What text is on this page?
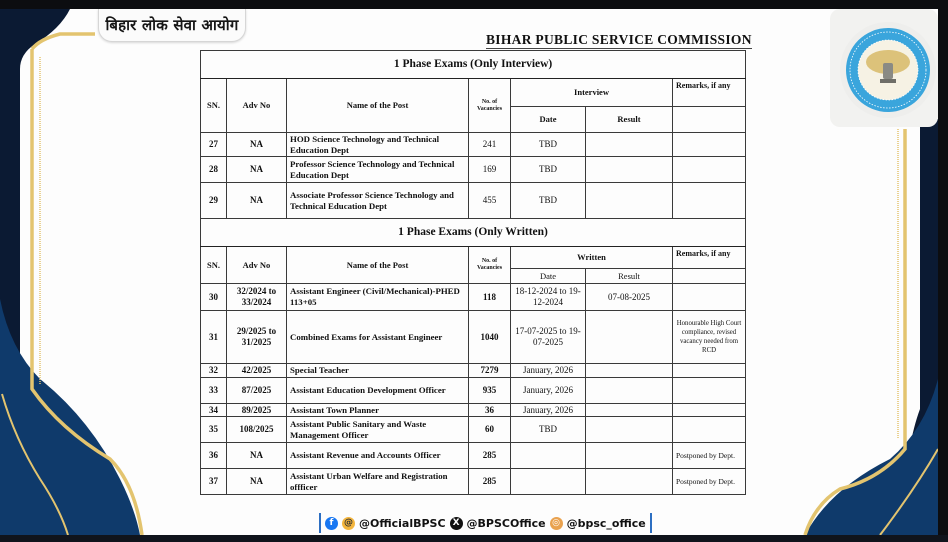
बिहार लोक सेवा आयोग
BIHAR PUBLIC SERVICE COMMISSION
1 Phase Exams (Only Interview)						
SN.	Adv No	Name of the Post	No. of Vacancies	Interview		Remarks, if any
				Date	Result	
27	NA	HOD Science Technology and Technical Education Dept	241	TBD		
28	NA	Professor Science Technology and Technical Education Dept	169	TBD		
29	NA	Associate Professor Science Technology and Technical Education Dept	455	TBD		
1 Phase Exams (Only Written)						
SN.	Adv No	Name of the Post	No. of Vacancies	Written		Remarks, if any
				Date	Result	
30	32/2024 to 33/2024	Assistant Engineer (Civil/Mechanical)-PHED 113+05	118	18-12-2024 to 19-12-2024	07-08-2025	
31	29/2025 to 31/2025	Combined Exams for Assistant Engineer	1040	17-07-2025 to 19-07-2025		Honourable High Court compliance, revised vacancy needed from RCD
32	42/2025	Special Teacher	7279	January, 2026		
33	87/2025	Assistant Education Development Officer	935	January, 2026		
34	89/2025	Assistant Town Planner	36	January, 2026		
35	108/2025	Assistant Public Sanitary and Waste Management Officer	60	TBD		
36	NA	Assistant Revenue and Accounts Officer	285			Postponed by Dept.
37	NA	Assistant Urban Welfare and Registration offficer	285			Postponed by Dept.
f	@ @OfficialBPSC X @BPSCOffice ◎ @bpsc_office
